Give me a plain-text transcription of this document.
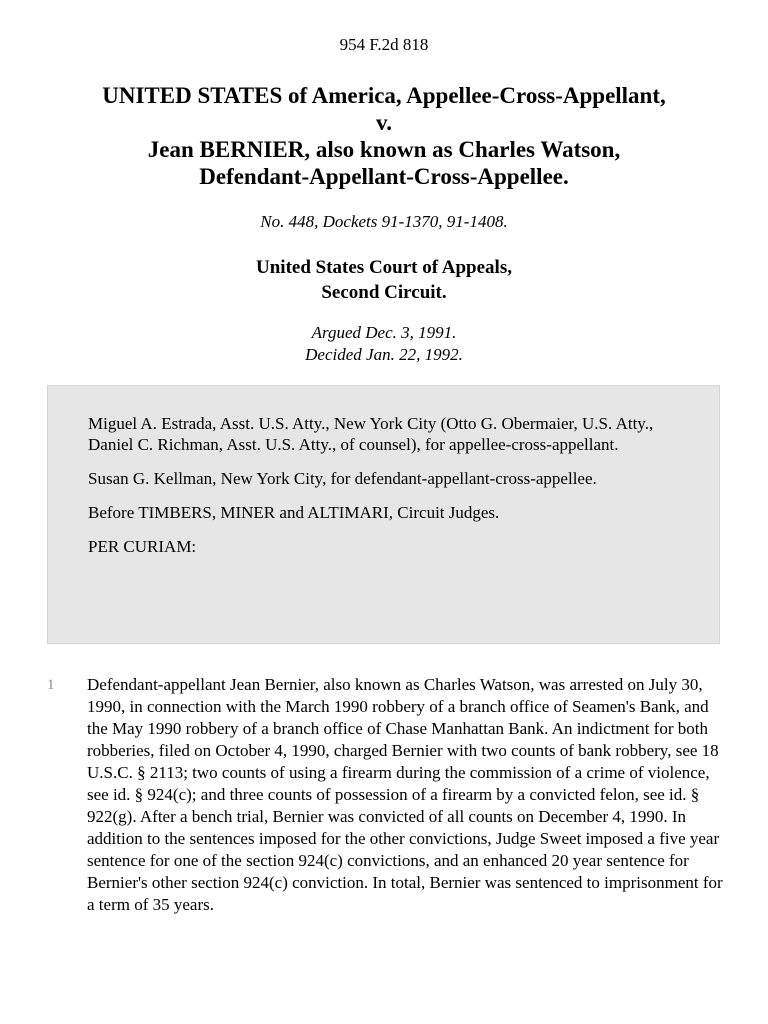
954 F.2d 818
UNITED STATES of America, Appellee-Cross-Appellant,
v.
Jean BERNIER, also known as Charles Watson,
Defendant-Appellant-Cross-Appellee.
No. 448, Dockets 91-1370, 91-1408.
United States Court of Appeals,
Second Circuit.
Argued Dec. 3, 1991.
Decided Jan. 22, 1992.

Miguel A. Estrada, Asst. U.S. Atty., New York City (Otto G. Obermaier, U.S. Atty., Daniel C. Richman, Asst. U.S. Atty., of counsel), for appellee-cross-appellant.

Susan G. Kellman, New York City, for defendant-appellant-cross-appellee.

Before TIMBERS, MINER and ALTIMARI, Circuit Judges.

PER CURIAM:

1 Defendant-appellant Jean Bernier, also known as Charles Watson, was arrested on July 30, 1990, in connection with the March 1990 robbery of a branch office of Seamen's Bank, and the May 1990 robbery of a branch office of Chase Manhattan Bank. An indictment for both robberies, filed on October 4, 1990, charged Bernier with two counts of bank robbery, see 18 U.S.C. § 2113; two counts of using a firearm during the commission of a crime of violence, see id. § 924(c); and three counts of possession of a firearm by a convicted felon, see id. § 922(g). After a bench trial, Bernier was convicted of all counts on December 4, 1990. In addition to the sentences imposed for the other convictions, Judge Sweet imposed a five year sentence for one of the section 924(c) convictions, and an enhanced 20 year sentence for Bernier's other section 924(c) conviction. In total, Bernier was sentenced to imprisonment for a term of 35 years.
